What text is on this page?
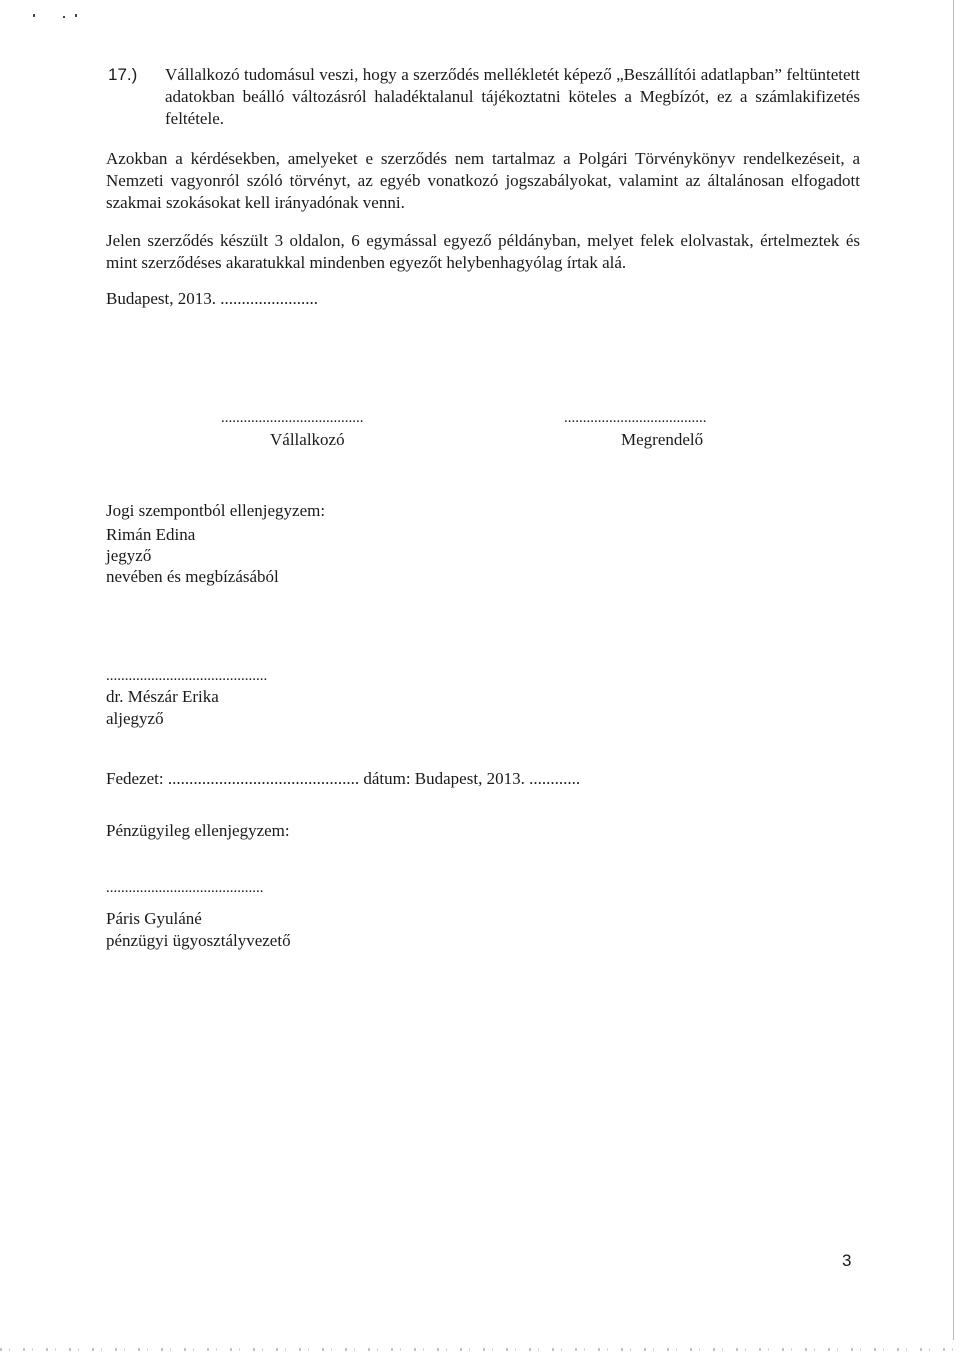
17.) Vállalkozó tudomásul veszi, hogy a szerződés mellékletét képező „Beszállítói adatlapban” feltüntetett adatokban beálló változásról haladéktalanul tájékoztatni köteles a Megbízót, ez a számlakifizetés feltétele.
Azokban a kérdésekben, amelyeket e szerződés nem tartalmaz a Polgári Törvénykönyv rendelkezéseit, a Nemzeti vagyonról szóló törvényt, az egyéb vonatkozó jogszabályokat, valamint az általánosan elfogadott szakmai szokásokat kell irányadónak venni.
Jelen szerződés készült 3 oldalon, 6 egymással egyező példányban, melyet felek elolvastak, értelmeztek és mint szerződéses akaratukkal mindenben egyezőt helybenhagyólag írtak alá.
Budapest, 2013. .......................
......................................
Vállalkozó
......................................
Megrendelő
Jogi szempontból ellenjegyzem:
Rimán Edina
jegyző
nevében és megbízásából
...........................................
dr. Mészár Erika
aljegyző
Fedezet: ............................................. dátum: Budapest, 2013. ............
Pénzügyileg ellenjegyzem:
..........................................
Páris Gyuláné
pénzügyi ügyosztályvezető
3
